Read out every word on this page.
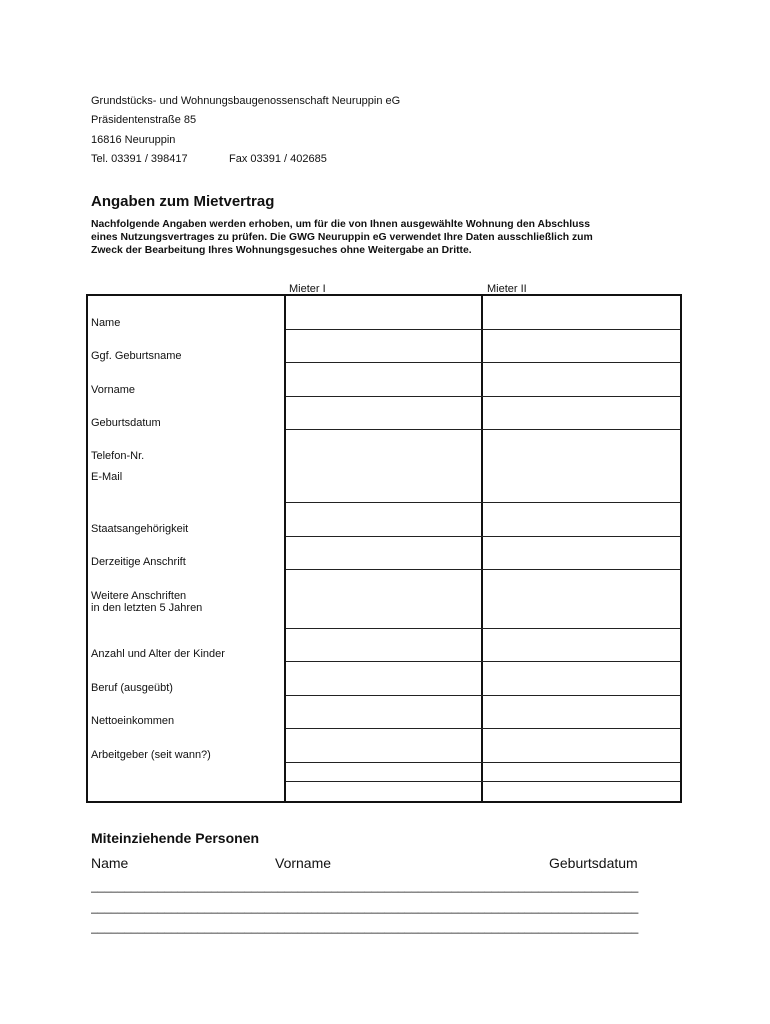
Grundstücks- und Wohnungsbaugenossenschaft Neuruppin eG
Präsidentenstraße 85
16816 Neuruppin
Tel. 03391 / 398417	Fax 03391 / 402685
Angaben zum Mietvertrag
Nachfolgende Angaben werden erhoben, um für die von Ihnen ausgewählte Wohnung den Abschluss
eines Nutzungsvertrages zu prüfen. Die GWG Neuruppin eG verwendet Ihre Daten ausschließlich zum
Zweck der Bearbeitung Ihres Wohnungsgesuches ohne Weitergabe an Dritte.
Mieter I	Mieter II
Name
Ggf. Geburtsname
Vorname
Geburtsdatum
Telefon-Nr.
E-Mail
Staatsangehörigkeit
Derzeitige Anschrift
Weitere Anschriften
in den letzten 5 Jahren
Anzahl und Alter der Kinder
Beruf (ausgeübt)
Nettoeinkommen
Arbeitgeber (seit wann?)
Miteinziehende Personen
Name	Vorname	Geburtsdatum
__________________________________________________________________________________
__________________________________________________________________________________
__________________________________________________________________________________
